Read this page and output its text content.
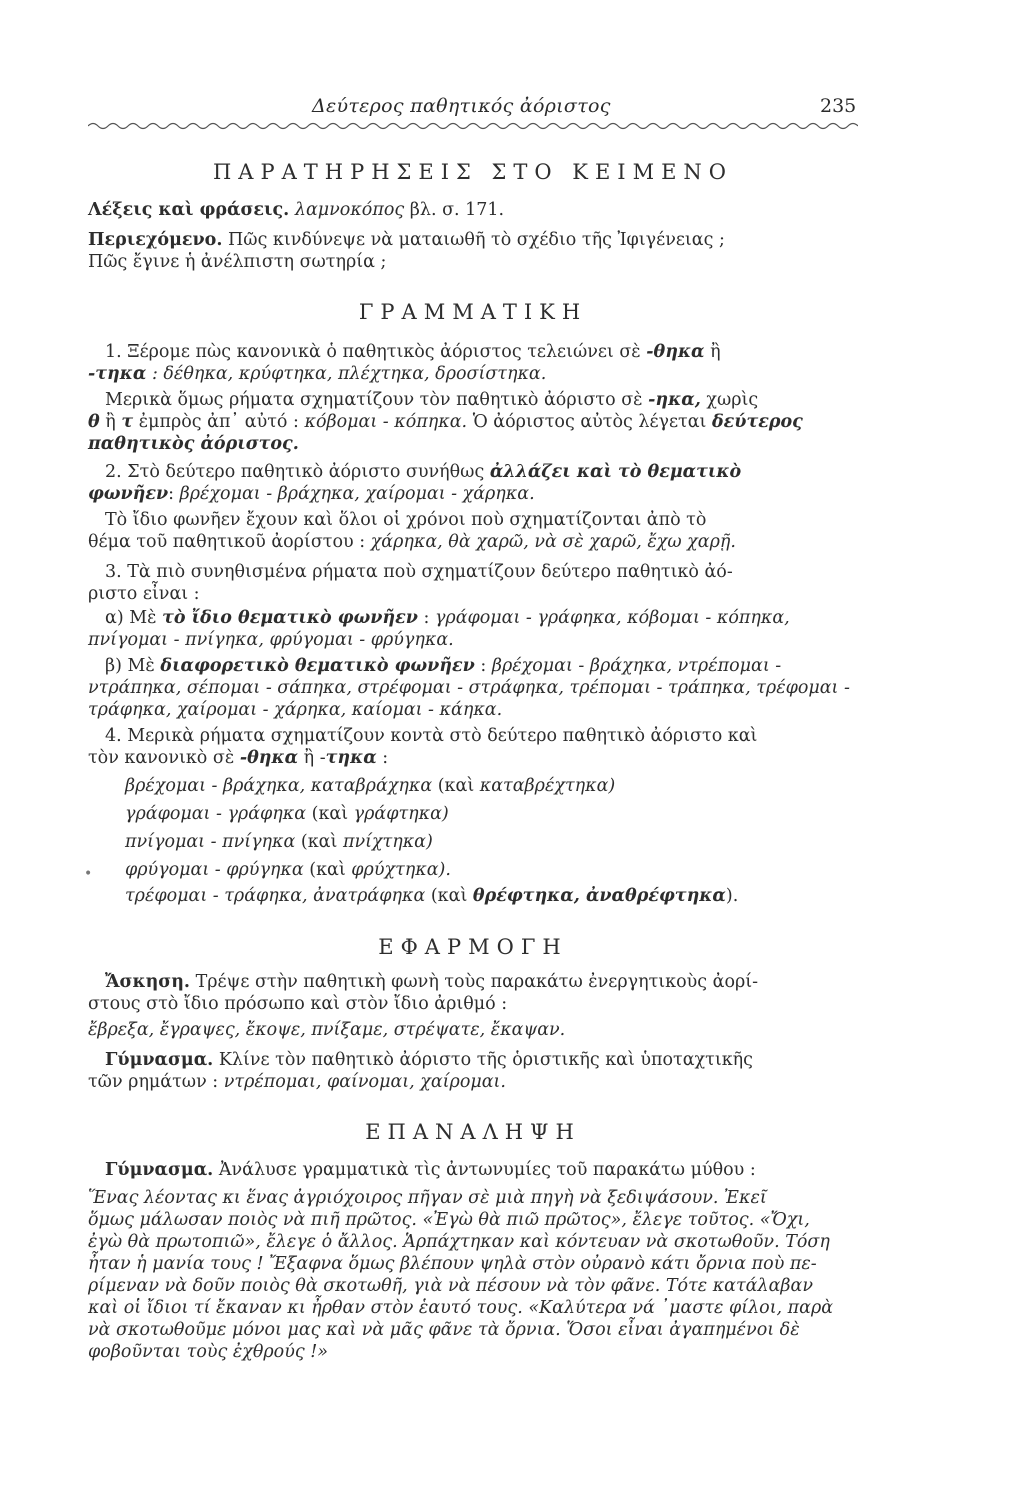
Δεύτερος παθητικός ἀόριστος	235
ΠΑΡΑΤΗΡΗΣΕΙΣ ΣΤΟ ΚΕΙΜΕΝΟ
Λέξεις καὶ φράσεις. λαμνοκόπος βλ. σ. 171.
Περιεχόμενο. Πῶς κινδύνεψε νὰ ματαιωθῆ τὸ σχέδιο τῆς Ἰφιγένειας ;
Πῶς ἔγινε ἡ ἀνέλπιστη σωτηρία ;
ΓΡΑΜΜΑΤΙΚΗ
1. Ξέρομε πὼς κανονικὰ ὁ παθητικὸς ἀόριστος τελειώνει σὲ -θηκα ἢ
-τηκα : δέθηκα, κρύφτηκα, πλέχτηκα, δροσίστηκα.
Μερικὰ ὅμως ρήματα σχηματίζουν τὸν παθητικὸ ἀόριστο σὲ -ηκα, χωρὶς
θ ἢ τ ἐμπρὸς ἀπ᾽ αὐτό : κόβομαι - κόπηκα. Ὁ ἀόριστος αὐτὸς λέγεται δεύτερος
παθητικὸς ἀόριστος.
2. Στὸ δεύτερο παθητικὸ ἀόριστο συνήθως ἀλλάζει καὶ τὸ θεματικὸ
φωνῆεν: βρέχομαι - βράχηκα, χαίρομαι - χάρηκα.
Τὸ ἴδιο φωνῆεν ἔχουν καὶ ὅλοι οἱ χρόνοι ποὺ σχηματίζονται ἀπὸ τὸ
θέμα τοῦ παθητικοῦ ἀορίστου : χάρηκα, θὰ χαρῶ, νὰ σὲ χαρῶ, ἔχω χαρῇ.
3. Τὰ πιὸ συνηθισμένα ρήματα ποὺ σχηματίζουν δεύτερο παθητικὸ ἀό-
ριστο εἶναι :
α) Μὲ τὸ ἴδιο θεματικὸ φωνῆεν : γράφομαι - γράφηκα, κόβομαι - κόπηκα,
πνίγομαι - πνίγηκα, φρύγομαι - φρύγηκα.
β) Μὲ διαφορετικὸ θεματικὸ φωνῆεν : βρέχομαι - βράχηκα, ντρέπομαι -
ντράπηκα, σέπομαι - σάπηκα, στρέφομαι - στράφηκα, τρέπομαι - τράπηκα, τρέφομαι -
τράφηκα, χαίρομαι - χάρηκα, καίομαι - κάηκα.
4. Μερικὰ ρήματα σχηματίζουν κοντὰ στὸ δεύτερο παθητικὸ ἀόριστο καὶ
τὸν κανονικὸ σὲ -θηκα ἢ -τηκα :
βρέχομαι - βράχηκα, καταβράχηκα (καὶ καταβρέχτηκα)
γράφομαι - γράφηκα (καὶ γράφτηκα)
πνίγομαι - πνίγηκα (καὶ πνίχτηκα)
φρύγομαι - φρύγηκα (καὶ φρύχτηκα).
τρέφομαι - τράφηκα, ἀνατράφηκα (καὶ θρέφτηκα, ἀναθρέφτηκα).
•
ΕΦΑΡΜΟΓΗ
Ἄσκηση. Τρέψε στὴν παθητικὴ φωνὴ τοὺς παρακάτω ἐνεργητικοὺς ἀορί-
στους στὸ ἴδιο πρόσωπο καὶ στὸν ἴδιο ἀριθμό :
ἔβρεξα, ἔγραψες, ἔκοψε, πνίξαμε, στρέψατε, ἔκαψαν.
Γύμνασμα. Κλίνε τὸν παθητικὸ ἀόριστο τῆς ὁριστικῆς καὶ ὑποταχτικῆς
τῶν ρημάτων : ντρέπομαι, φαίνομαι, χαίρομαι.
ΕΠΑΝΑΛΗΨΗ
Γύμνασμα. Ἀνάλυσε γραμματικὰ τὶς ἀντωνυμίες τοῦ παρακάτω μύθου :
Ἕνας λέοντας κι ἕνας ἀγριόχοιρος πῆγαν σὲ μιὰ πηγὴ νὰ ξεδιψάσουν. Ἐκεῖ
ὅμως μάλωσαν ποιὸς νὰ πιῆ πρῶτος. «Ἐγὼ θὰ πιῶ πρῶτος», ἔλεγε τοῦτος. «Ὄχι,
ἐγὼ θὰ πρωτοπιῶ», ἔλεγε ὁ ἄλλος. Ἁρπάχτηκαν καὶ κόντευαν νὰ σκοτωθοῦν. Τόση
ἦταν ἡ μανία τους ! Ἔξαφνα ὅμως βλέπουν ψηλὰ στὸν οὐρανὸ κάτι ὄρνια ποὺ πε-
ρίμεναν νὰ δοῦν ποιὸς θὰ σκοτωθῆ, γιὰ νὰ πέσουν νὰ τὸν φᾶνε. Τότε κατάλαβαν
καὶ οἱ ἴδιοι τί ἔκαναν κι ἦρθαν στὸν ἑαυτό τους. «Καλύτερα νά ᾽μαστε φίλοι, παρὰ
νὰ σκοτωθοῦμε μόνοι μας καὶ νὰ μᾶς φᾶνε τὰ ὄρνια. Ὅσοι εἶναι ἀγαπημένοι δὲ
φοβοῦνται τοὺς ἐχθρούς !»
